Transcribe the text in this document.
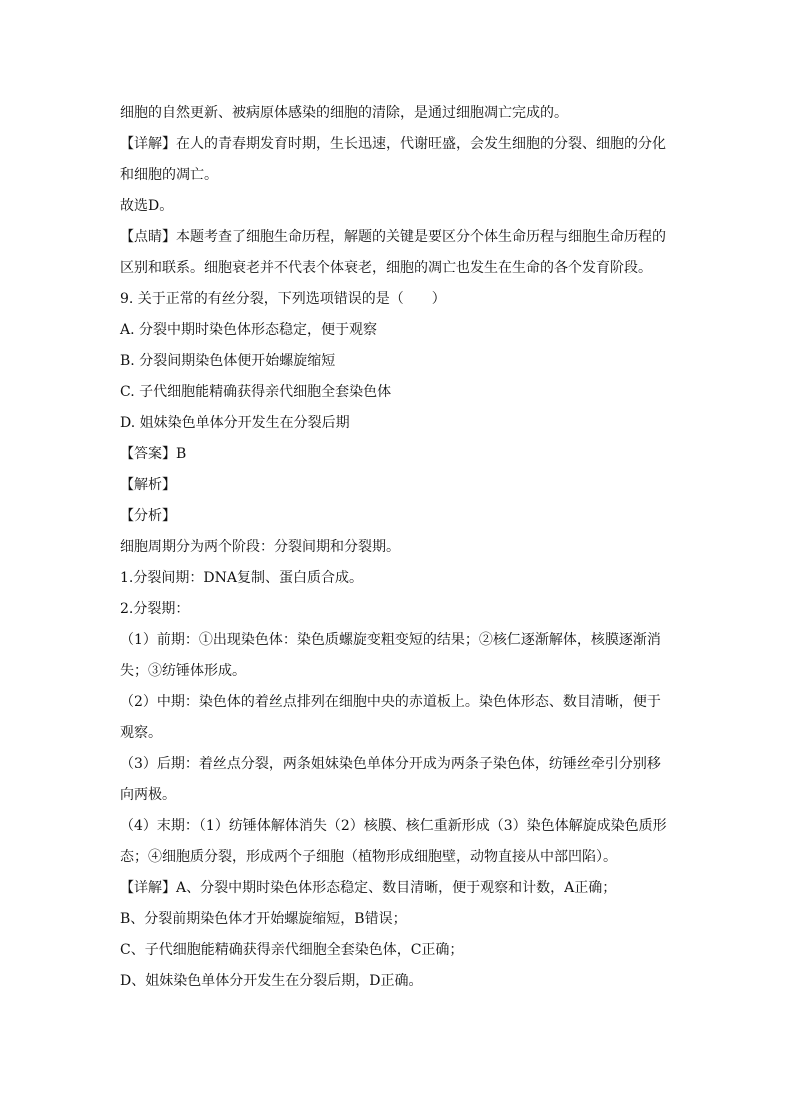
细胞的自然更新、被病原体感染的细胞的清除，是通过细胞凋亡完成的。
【详解】在人的青春期发育时期，生长迅速，代谢旺盛，会发生细胞的分裂、细胞的分化
和细胞的凋亡。
故选D。
【点睛】本题考查了细胞生命历程，解题的关键是要区分个体生命历程与细胞生命历程的
区别和联系。细胞衰老并不代表个体衰老，细胞的凋亡也发生在生命的各个发育阶段。
9. 关于正常的有丝分裂，下列选项错误的是（　　）
A. 分裂中期时染色体形态稳定，便于观察
B. 分裂间期染色体便开始螺旋缩短
C. 子代细胞能精确获得亲代细胞全套染色体
D. 姐妹染色单体分开发生在分裂后期
【答案】B
【解析】
【分析】
细胞周期分为两个阶段：分裂间期和分裂期。
1.分裂间期：DNA复制、蛋白质合成。
2.分裂期：
（1）前期：①出现染色体：染色质螺旋变粗变短的结果；②核仁逐渐解体，核膜逐渐消
失；③纺锤体形成。
（2）中期：染色体的着丝点排列在细胞中央的赤道板上。染色体形态、数目清晰，便于
观察。
（3）后期：着丝点分裂，两条姐妹染色单体分开成为两条子染色体，纺锤丝牵引分别移
向两极。
（4）末期：（1）纺锤体解体消失（2）核膜、核仁重新形成（3）染色体解旋成染色质形
态；④细胞质分裂，形成两个子细胞（植物形成细胞壁，动物直接从中部凹陷）。
【详解】A、分裂中期时染色体形态稳定、数目清晰，便于观察和计数，A正确；
B、分裂前期染色体才开始螺旋缩短，B错误；
C、子代细胞能精确获得亲代细胞全套染色体，C正确；
D、姐妹染色单体分开发生在分裂后期，D正确。
